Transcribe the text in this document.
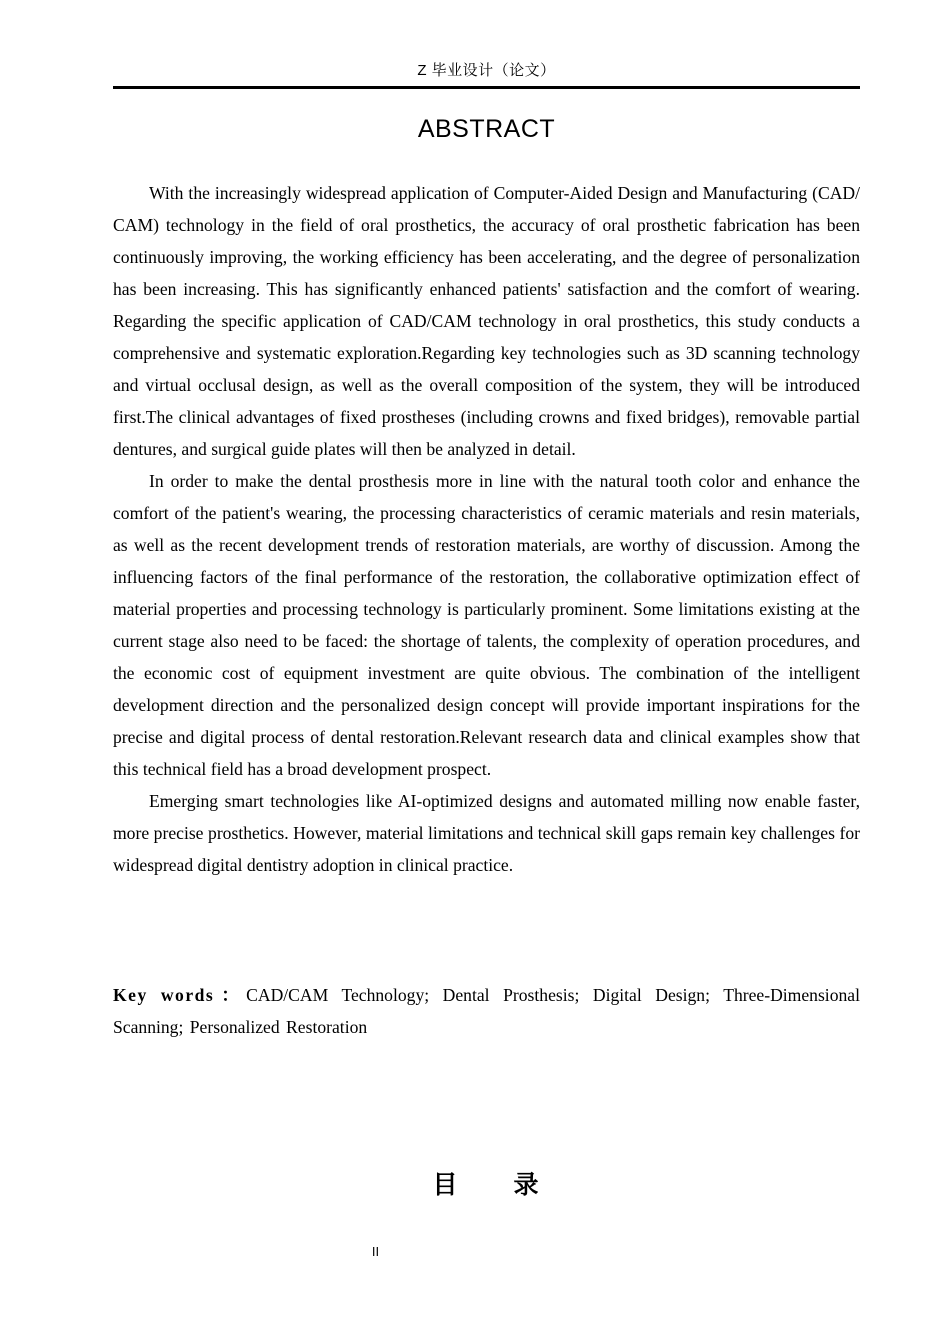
Z 毕业设计（论文）
ABSTRACT

With the increasingly widespread application of Computer-Aided Design and Manufacturing (CAD/ CAM) technology in the field of oral prosthetics, the accuracy of oral prosthetic fabrication has been continuously improving, the working efficiency has been accelerating, and the degree of personalization has been increasing. This has significantly enhanced patients' satisfaction and the comfort of wearing. Regarding the specific application of CAD/CAM technology in oral prosthetics, this study conducts a comprehensive and systematic exploration.Regarding key technologies such as 3D scanning technology and virtual occlusal design, as well as the overall composition of the system, they will be introduced first.The clinical advantages of fixed prostheses (including crowns and fixed bridges), removable partial dentures, and surgical guide plates will then be analyzed in detail.

In order to make the dental prosthesis more in line with the natural tooth color and enhance the comfort of the patient's wearing, the processing characteristics of ceramic materials and resin materials, as well as the recent development trends of restoration materials, are worthy of discussion. Among the influencing factors of the final performance of the restoration, the collaborative optimization effect of material properties and processing technology is particularly prominent. Some limitations existing at the current stage also need to be faced: the shortage of talents, the complexity of operation procedures, and the economic cost of equipment investment are quite obvious. The combination of the intelligent development direction and the personalized design concept will provide important inspirations for the precise and digital process of dental restoration.Relevant research data and clinical examples show that this technical field has a broad development prospect.

Emerging smart technologies like AI-optimized designs and automated milling now enable faster, more precise prosthetics. However, material limitations and technical skill gaps remain key challenges for widespread digital dentistry adoption in clinical practice.

Key words：CAD/CAM Technology; Dental Prosthesis; Digital Design; Three-Dimensional Scanning; Personalized Restoration
目　　录
II
